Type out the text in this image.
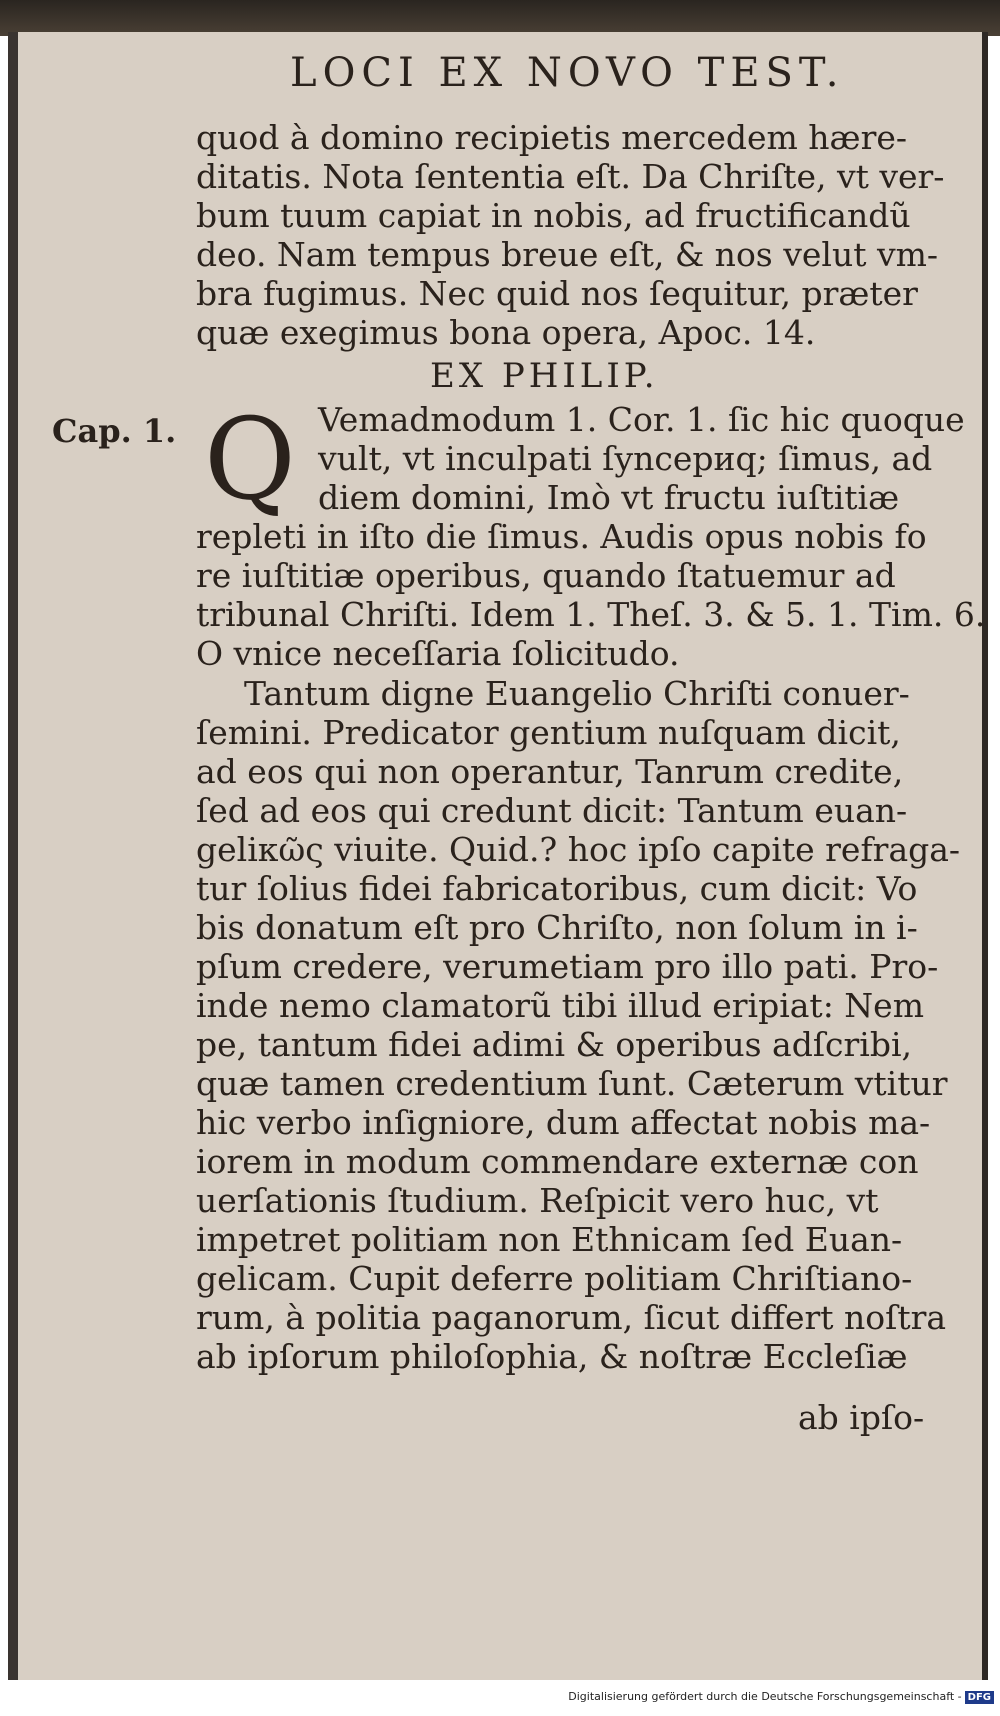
LOCI EX NOVO TEST.
quod à domino recipietis mercedem hære-
ditatis. Nota ſententia eſt. Da Chriſte, vt ver-
bum tuum capiat in nobis, ad fructificandũ
deo. Nam tempus breue eſt, & nos velut vm-
bra fugimus. Nec quid nos ſequitur, præter
quæ exegimus bona opera, Apoc. 14.
EX PHILIP.
Cap. 1. Q Vemadmodum 1. Cor. 1. ſic hic quoque
vult, vt inculpati ſyncериq; ſimus, ad
diem domini, Imò vt fructu iuſtitiæ
repleti in iſto die ſimus. Audis opus nobis fo
re iuſtitiæ operibus, quando ſtatuemur ad
tribunal Chriſti. Idem 1. Theſ. 3. & 5. 1. Tim. 6.
O vnice neceſſaria ſolicitudo.
Tantum digne Euangelio Chriſti conuer-
ſemini. Predicator gentium nuſquam dicit,
ad eos qui non operantur, Tanrum credite,
ſed ad eos qui credunt dicit: Tantum euan-
geliκῶς viuite. Quid.? hoc ipſo capite refraga-
tur ſolius fidei fabricatoribus, cum dicit: Vo
bis donatum eſt pro Chriſto, non ſolum in i-
pſum credere, verumetiam pro illo pati. Pro-
inde nemo clamatorũ tibi illud eripiat: Nem
pe, tantum fidei adimi & operibus adſcribi,
quæ tamen credentium ſunt. Cæterum vtitur
hic verbo inſigniore, dum affectat nobis ma-
iorem in modum commendare externæ con
uerſationis ſtudium. Reſpicit vero huc, vt
impetret politiam non Ethnicam ſed Euan-
gelicam. Cupit deferre politiam Chriſtiano-
rum, à politia paganorum, ſicut differt noſtra
ab ipſorum philoſophia, & noſtræ Eccleſiæ
ab ipſo-
Digitalisierung gefördert durch die Deutsche Forschungsgemeinschaft - DFG
